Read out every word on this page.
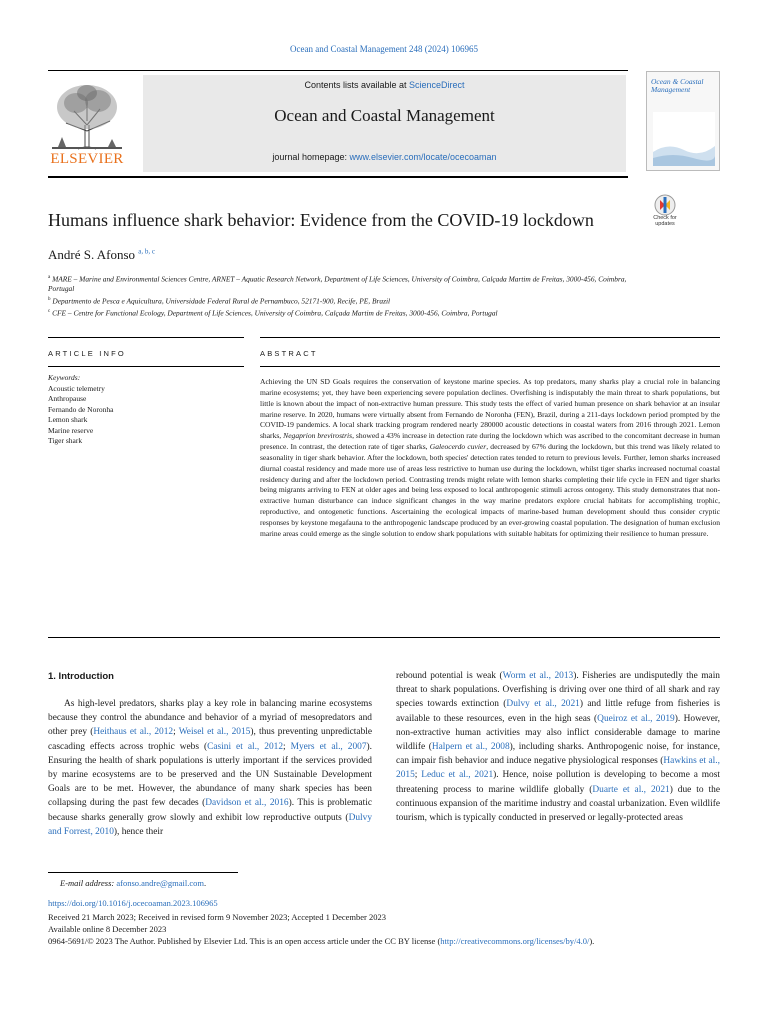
Ocean and Coastal Management 248 (2024) 106965
ELSEVIER
Contents lists available at ScienceDirect
Ocean and Coastal Management
journal homepage: www.elsevier.com/locate/ocecoaman
Ocean & Coastal Management
Humans influence shark behavior: Evidence from the COVID-19 lockdown	Check for updates
André S. Afonso $^{a, b, c}$
$^a$ MARE – Marine and Environmental Sciences Centre, ARNET – Aquatic Research Network, Department of Life Sciences, University of Coimbra, Calçada Martim de Freitas, 3000-456, Coimbra, Portugal
$^b$ Departmento de Pesca e Aquicultura, Universidade Federal Rural de Pernambuco, 52171-900, Recife, PE, Brazil
$^c$ CFE – Centre for Functional Ecology, Department of Life Sciences, University of Coimbra, Calçada Martim de Freitas, 3000-456, Coimbra, Portugal
ARTICLE INFO	ABSTRACT
Keywords:
Acoustic telemetry
Anthropause
Fernando de Noronha
Lemon shark
Marine reserve
Tiger shark
Achieving the UN SD Goals requires the conservation of keystone marine species. As top predators, many sharks play a crucial role in balancing marine ecosystems; yet, they have been experiencing severe population declines. Overfishing is indisputably the main threat to shark populations, but little is known about the impact of non-extractive human pressure. This study tests the effect of varied human presence on shark behavior at an insular marine reserve. In 2020, humans were virtually absent from Fernando de Noronha (FEN), Brazil, during a 211-days lockdown period prompted by the COVID-19 pandemics. A local shark tracking program rendered nearly 280000 acoustic detections in coastal waters from 2016 through 2021. Lemon sharks, Negaprion brevirostris, showed a 43% increase in detection rate during the lockdown which was ascribed to the concomitant decrease in human presence. In contrast, the detection rate of tiger sharks, Galeocerdo cuvier, decreased by 67% during the lockdown, but this trend was likely related to seasonality in tiger shark behavior. After the lockdown, both species' detection rates tended to return to previous levels. Further, lemon sharks increased diurnal coastal residency and made more use of areas less restrictive to human use during the lockdown, whilst tiger sharks increased nocturnal coastal residency during and after the lockdown period. Contrasting trends might relate with lemon sharks completing their life cycle in FEN and tiger sharks being migrants arriving to FEN at older ages and being less exposed to local anthropogenic stimuli across ontogeny. This study demonstrates that non-extractive human disturbance can induce significant changes in the way marine predators explore crucial habitats for accomplishing trophic, reproductive, and ontogenetic functions. Ascertaining the ecological impacts of marine-based human development should thus consider cryptic responses by keystone megafauna to the anthropogenic landscape produced by an ever-growing coastal population. The designation of human exclusion marine areas could emerge as the single solution to endow shark populations with suitable habitats for optimizing their resilience to human pressure.
1. Introduction
As high-level predators, sharks play a key role in balancing marine ecosystems because they control the abundance and behavior of a myriad of mesopredators and other prey (Heithaus et al., 2012; Weisel et al., 2015), thus preventing unpredictable cascading effects across trophic webs (Casini et al., 2012; Myers et al., 2007). Ensuring the health of shark populations is utterly important if the services provided by marine ecosystems are to be preserved and the UN Sustainable Development Goals are to be met. However, the abundance of many shark species has been collapsing during the past few decades (Davidson et al., 2016). This is problematic because sharks generally grow slowly and exhibit low reproductive outputs (Dulvy and Forrest, 2010), hence their
rebound potential is weak (Worm et al., 2013). Fisheries are undisputedly the main threat to shark populations. Overfishing is driving over one third of all shark and ray species towards extinction (Dulvy et al., 2021) and little refuge from fisheries is available to these resources, even in the high seas (Queiroz et al., 2019). However, non-extractive human activities may also inflict considerable damage to marine wildlife (Halpern et al., 2008), including sharks. Anthropogenic noise, for instance, can impair fish behavior and induce negative physiological responses (Hawkins et al., 2015; Leduc et al., 2021). Hence, noise pollution is developing to become a most threatening process to marine wildlife globally (Duarte et al., 2021) due to the continuous expansion of the maritime industry and coastal urbanization. Even wildlife tourism, which is typically conducted in preserved or legally-protected areas
E-mail address: afonso.andre@gmail.com.
https://doi.org/10.1016/j.ocecoaman.2023.106965
Received 21 March 2023; Received in revised form 9 November 2023; Accepted 1 December 2023
Available online 8 December 2023
0964-5691/© 2023 The Author. Published by Elsevier Ltd. This is an open access article under the CC BY license (http://creativecommons.org/licenses/by/4.0/).
